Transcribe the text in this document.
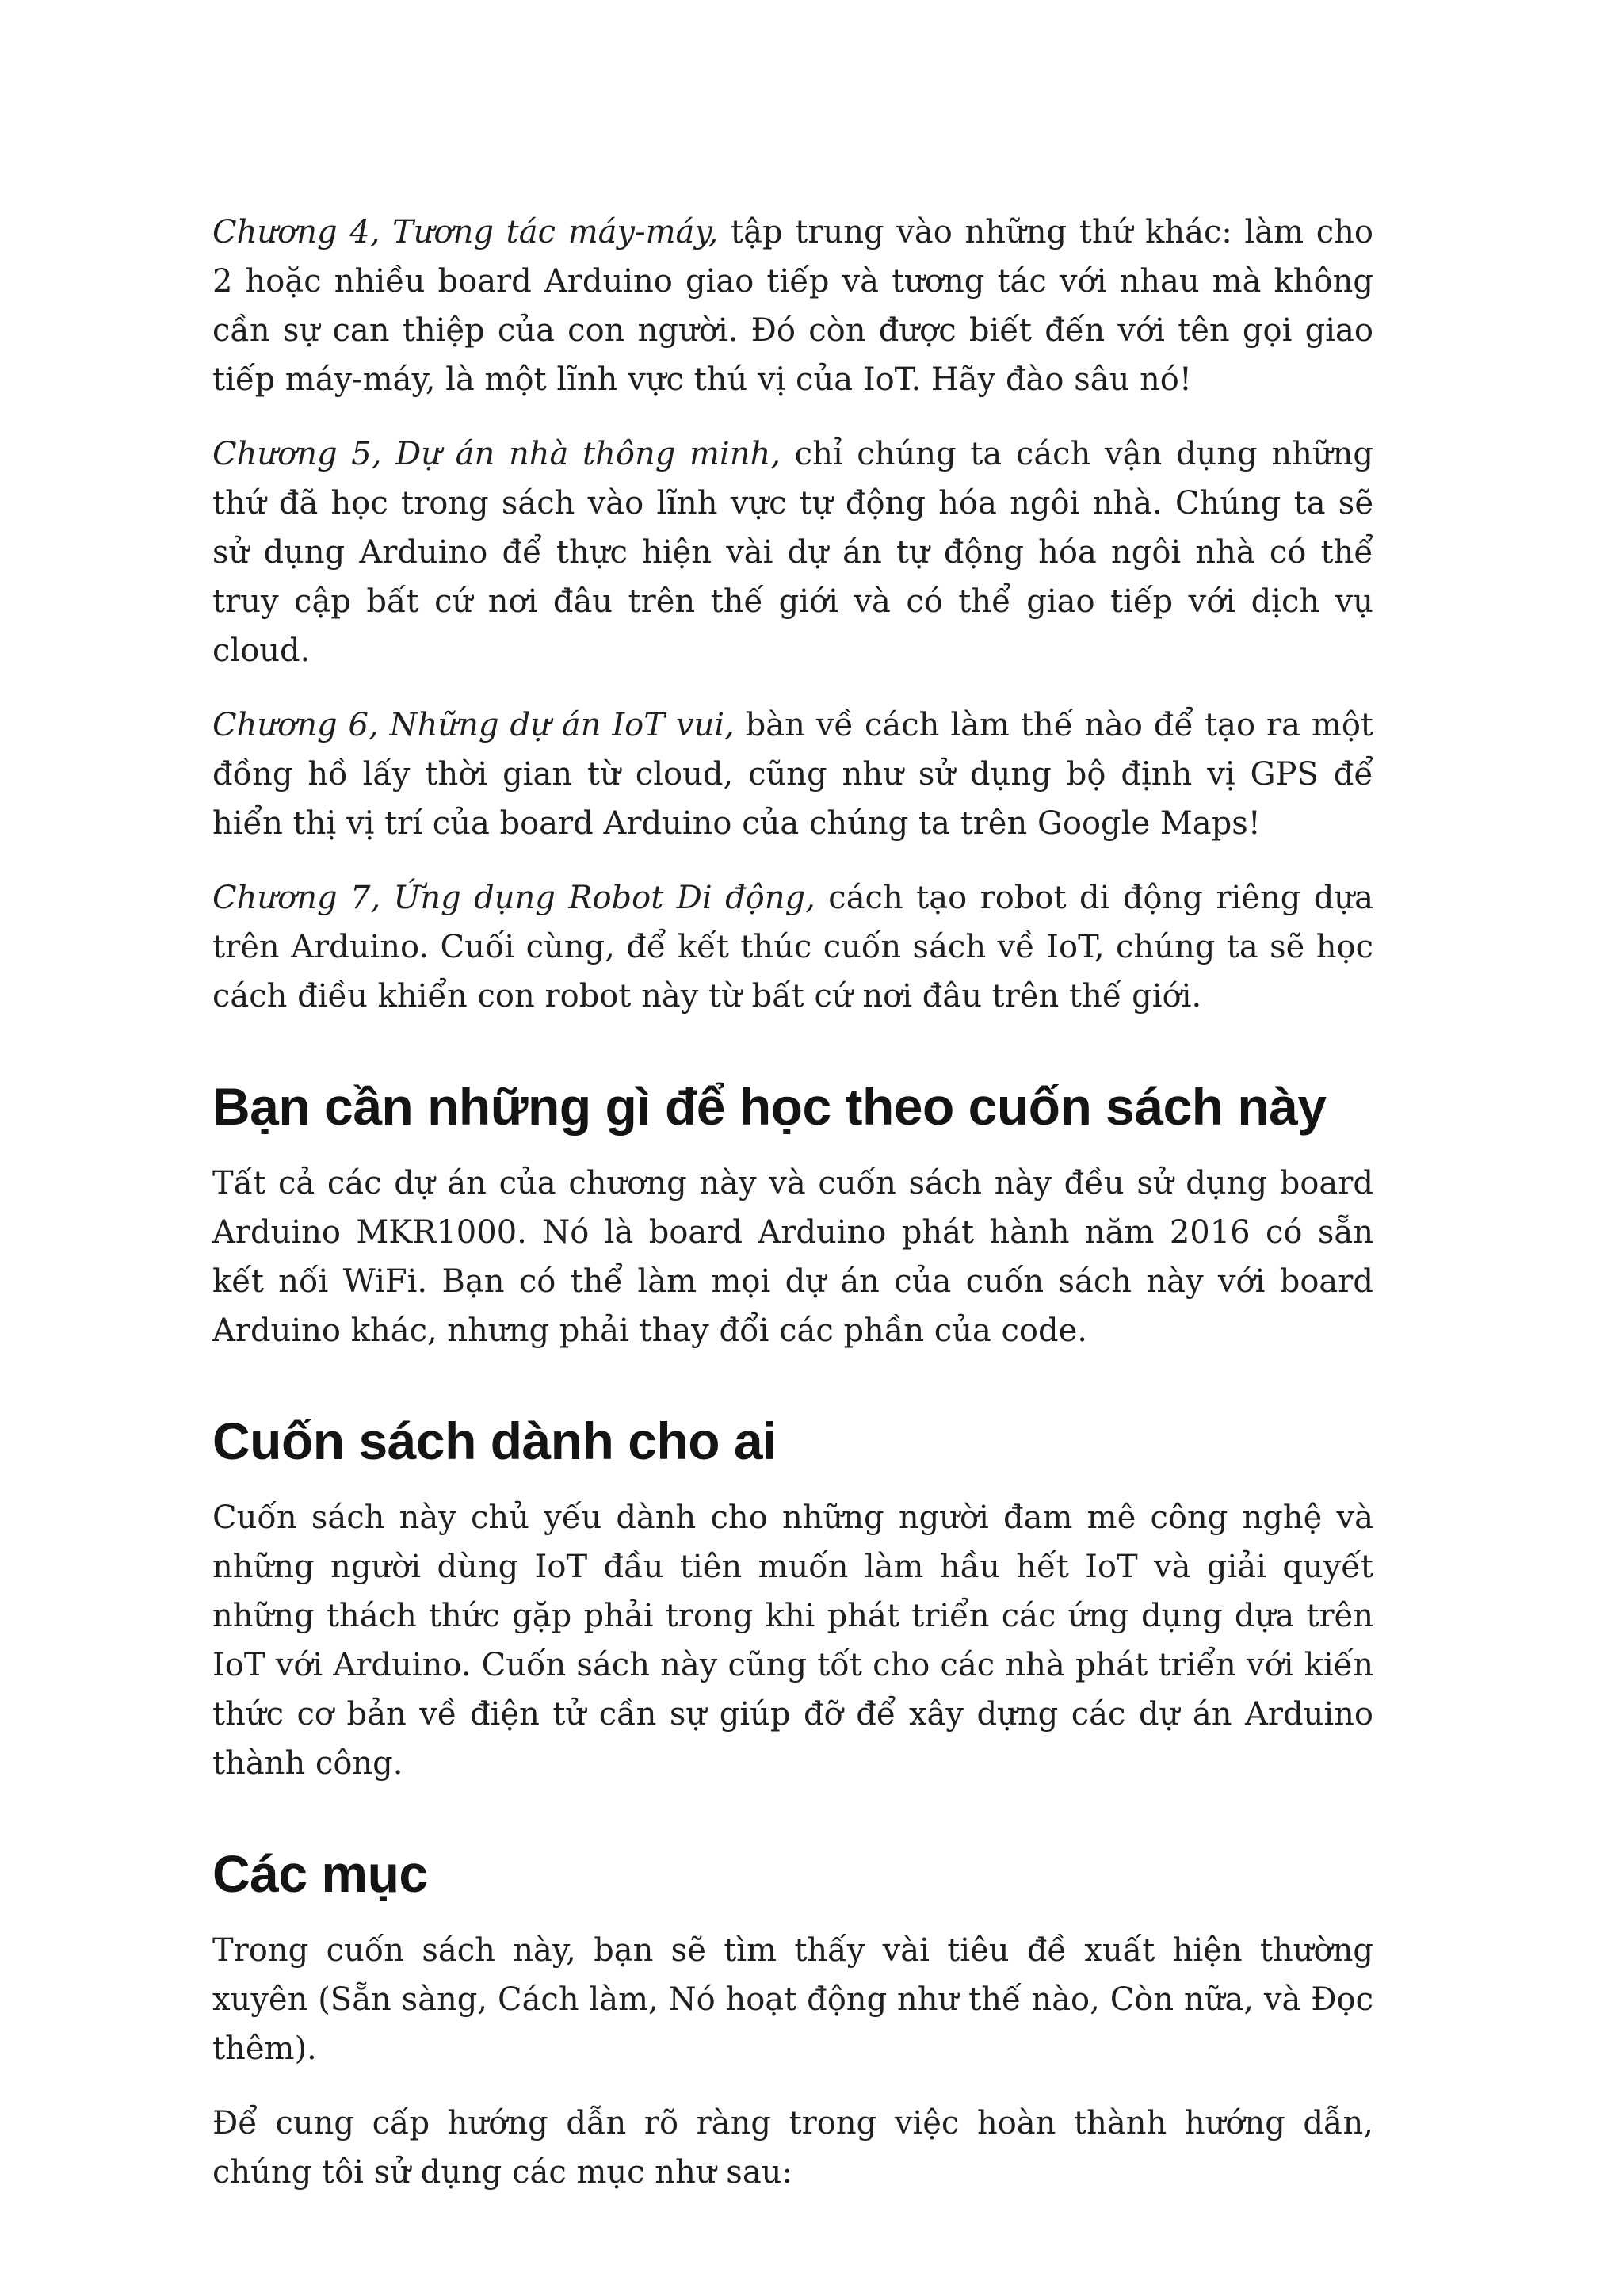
Chương 4, Tương tác máy-máy, tập trung vào những thứ khác: làm cho 2 hoặc nhiều board Arduino giao tiếp và tương tác với nhau mà không cần sự can thiệp của con người. Đó còn được biết đến với tên gọi giao tiếp máy-máy, là một lĩnh vực thú vị của IoT. Hãy đào sâu nó!

Chương 5, Dự án nhà thông minh, chỉ chúng ta cách vận dụng những thứ đã học trong sách vào lĩnh vực tự động hóa ngôi nhà. Chúng ta sẽ sử dụng Arduino để thực hiện vài dự án tự động hóa ngôi nhà có thể truy cập bất cứ nơi đâu trên thế giới và có thể giao tiếp với dịch vụ cloud.

Chương 6, Những dự án IoT vui, bàn về cách làm thế nào để tạo ra một đồng hồ lấy thời gian từ cloud, cũng như sử dụng bộ định vị GPS để hiển thị vị trí của board Arduino của chúng ta trên Google Maps!

Chương 7, Ứng dụng Robot Di động, cách tạo robot di động riêng dựa trên Arduino. Cuối cùng, để kết thúc cuốn sách về IoT, chúng ta sẽ học cách điều khiển con robot này từ bất cứ nơi đâu trên thế giới.

Bạn cần những gì để học theo cuốn sách này

Tất cả các dự án của chương này và cuốn sách này đều sử dụng board Arduino MKR1000. Nó là board Arduino phát hành năm 2016 có sẵn kết nối WiFi. Bạn có thể làm mọi dự án của cuốn sách này với board Arduino khác, nhưng phải thay đổi các phần của code.

Cuốn sách dành cho ai

Cuốn sách này chủ yếu dành cho những người đam mê công nghệ và những người dùng IoT đầu tiên muốn làm hầu hết IoT và giải quyết những thách thức gặp phải trong khi phát triển các ứng dụng dựa trên IoT với Arduino. Cuốn sách này cũng tốt cho các nhà phát triển với kiến thức cơ bản về điện tử cần sự giúp đỡ để xây dựng các dự án Arduino thành công.

Các mục

Trong cuốn sách này, bạn sẽ tìm thấy vài tiêu đề xuất hiện thường xuyên (Sẵn sàng, Cách làm, Nó hoạt động như thế nào, Còn nữa, và Đọc thêm).

Để cung cấp hướng dẫn rõ ràng trong việc hoàn thành hướng dẫn, chúng tôi sử dụng các mục như sau:
